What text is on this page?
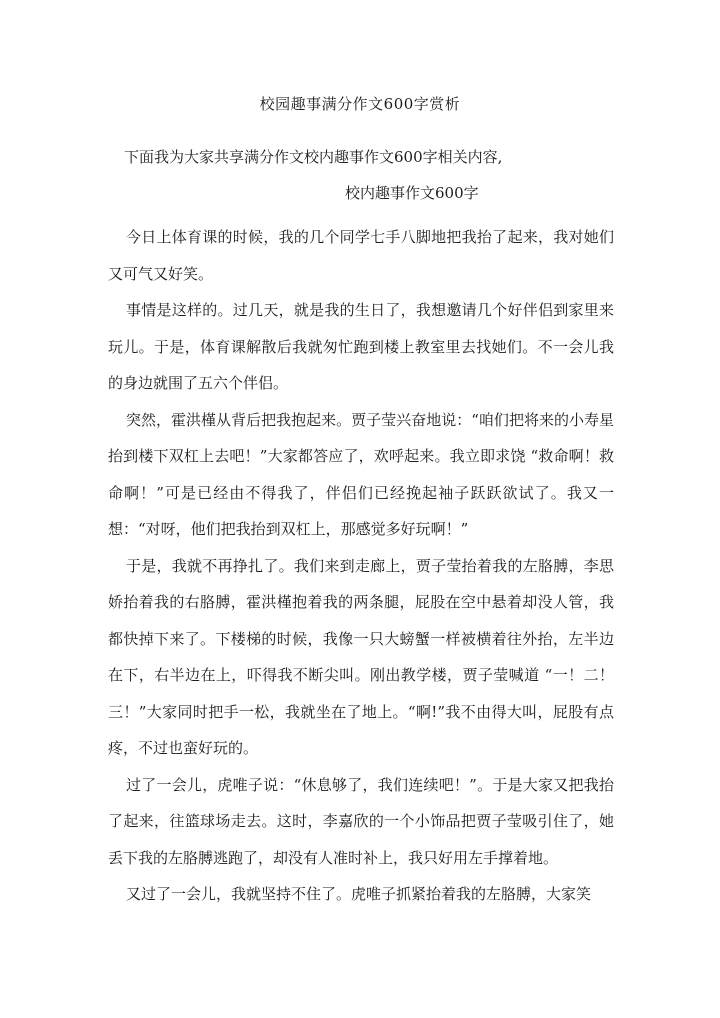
校园趣事满分作文600字赏析
下面我为大家共享满分作文校内趣事作文600字相关内容,
校内趣事作文600字

今日上体育课的时候，我的几个同学七手八脚地把我抬了起来，我对她们又可气又好笑。

事情是这样的。过几天，就是我的生日了，我想邀请几个好伴侣到家里来玩儿。于是，体育课解散后我就匆忙跑到楼上教室里去找她们。不一会儿我的身边就围了五六个伴侣。

突然，霍洪槿从背后把我抱起来。贾子莹兴奋地说：“咱们把将来的小寿星抬到楼下双杠上去吧！”大家都答应了，欢呼起来。我立即求饶 “救命啊！救命啊！”可是已经由不得我了，伴侣们已经挽起袖子跃跃欲试了。我又一想：“对呀，他们把我抬到双杠上，那感觉多好玩啊！”

于是，我就不再挣扎了。我们来到走廊上，贾子莹抬着我的左胳膊，李思娇抬着我的右胳膊，霍洪槿抱着我的两条腿，屁股在空中悬着却没人管，我都快掉下来了。下楼梯的时候，我像一只大螃蟹一样被横着往外抬，左半边在下，右半边在上，吓得我不断尖叫。刚出教学楼，贾子莹喊道 “一！二！三！”大家同时把手一松，我就坐在了地上。“啊!”我不由得大叫，屁股有点疼，不过也蛮好玩的。

过了一会儿，虎唯子说：“休息够了，我们连续吧！”。于是大家又把我抬了起来，往篮球场走去。这时，李嘉欣的一个小饰品把贾子莹吸引住了，她丢下我的左胳膊逃跑了，却没有人准时补上，我只好用左手撑着地。

又过了一会儿，我就坚持不住了。虎唯子抓紧抬着我的左胳膊，大家笑
